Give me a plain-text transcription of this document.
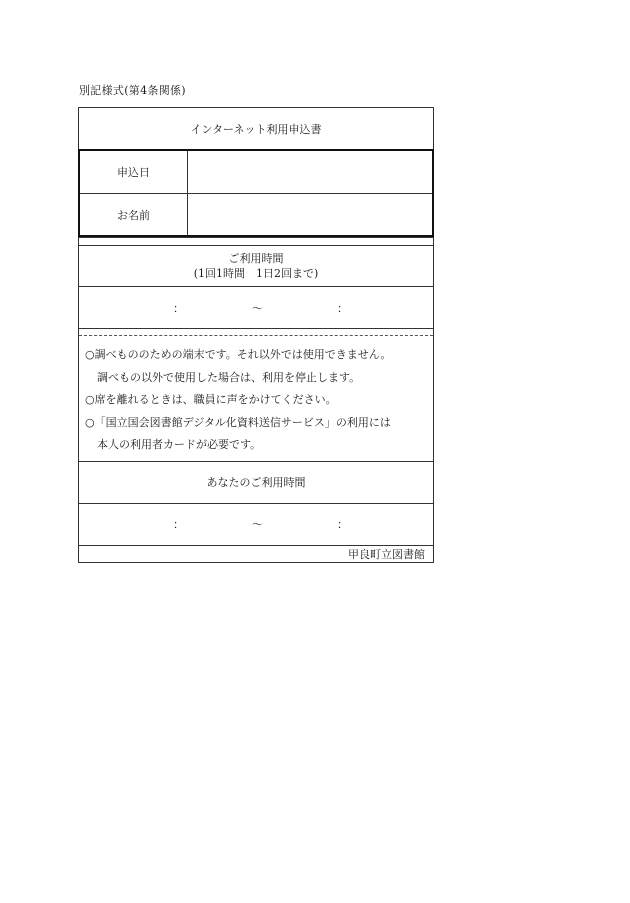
別記様式(第4条関係)
インターネット利用申込書
申込日
お名前
ご利用時間
(1回1時間　1日2回まで)
：	〜	：
○調べもののための端末です。それ以外では使用できません。
調べもの以外で使用した場合は、利用を停止します。
○席を離れるときは、職員に声をかけてください。
○「国立国会図書館デジタル化資料送信サービス」の利用には
本人の利用者カードが必要です。
あなたのご利用時間
：	〜	：
甲良町立図書館
